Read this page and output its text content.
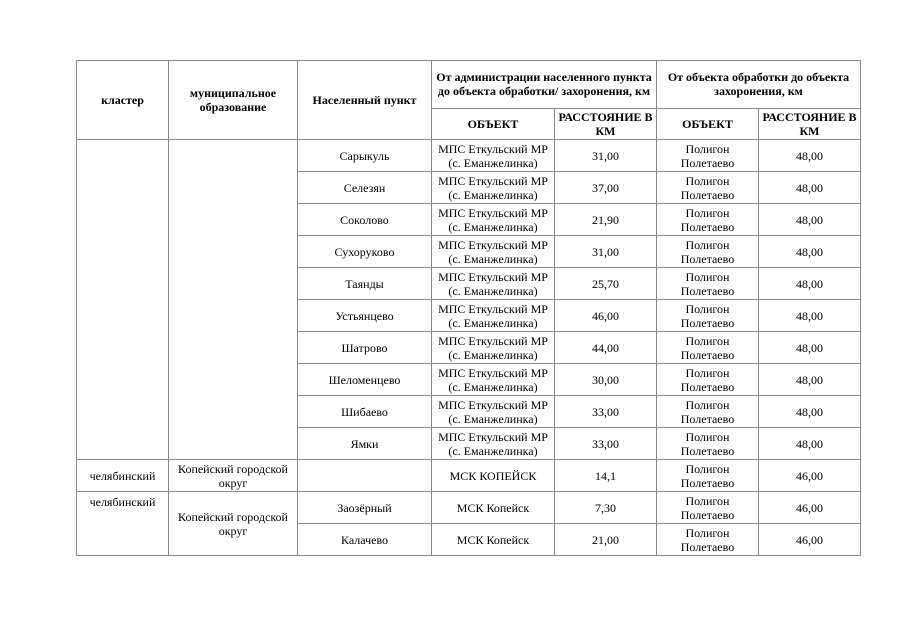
кластер	муниципальное образование	Населенный пункт	От администрации населенного пункта до объекта обработки/ захоронения, км		От объекта обработки до объекта захоронения, км	
			ОБЪЕКТ	РАССТОЯНИЕ В КМ	ОБЪЕКТ	РАССТОЯНИЕ В КМ
		Сарыкуль	МПС Еткульский МР (с. Еманжелинка)	31,00	Полигон Полетаево	48,00
		Селезян	МПС Еткульский МР (с. Еманжелинка)	37,00	Полигон Полетаево	48,00
		Соколово	МПС Еткульский МР (с. Еманжелинка)	21,90	Полигон Полетаево	48,00
		Сухоруково	МПС Еткульский МР (с. Еманжелинка)	31,00	Полигон Полетаево	48,00
		Таянды	МПС Еткульский МР (с. Еманжелинка)	25,70	Полигон Полетаево	48,00
		Устьянцево	МПС Еткульский МР (с. Еманжелинка)	46,00	Полигон Полетаево	48,00
		Шатрово	МПС Еткульский МР (с. Еманжелинка)	44,00	Полигон Полетаево	48,00
		Шеломенцево	МПС Еткульский МР (с. Еманжелинка)	30,00	Полигон Полетаево	48,00
		Шибаево	МПС Еткульский МР (с. Еманжелинка)	33,00	Полигон Полетаево	48,00
		Ямки	МПС Еткульский МР (с. Еманжелинка)	33,00	Полигон Полетаево	48,00
челябинский	Копейский городской округ		МСК КОПЕЙСК	14,1	Полигон Полетаево	46,00
челябинский	Копейский городской округ	Заозёрный	МСК Копейск	7,30	Полигон Полетаево	46,00
		Калачево	МСК Копейск	21,00	Полигон Полетаево	46,00
